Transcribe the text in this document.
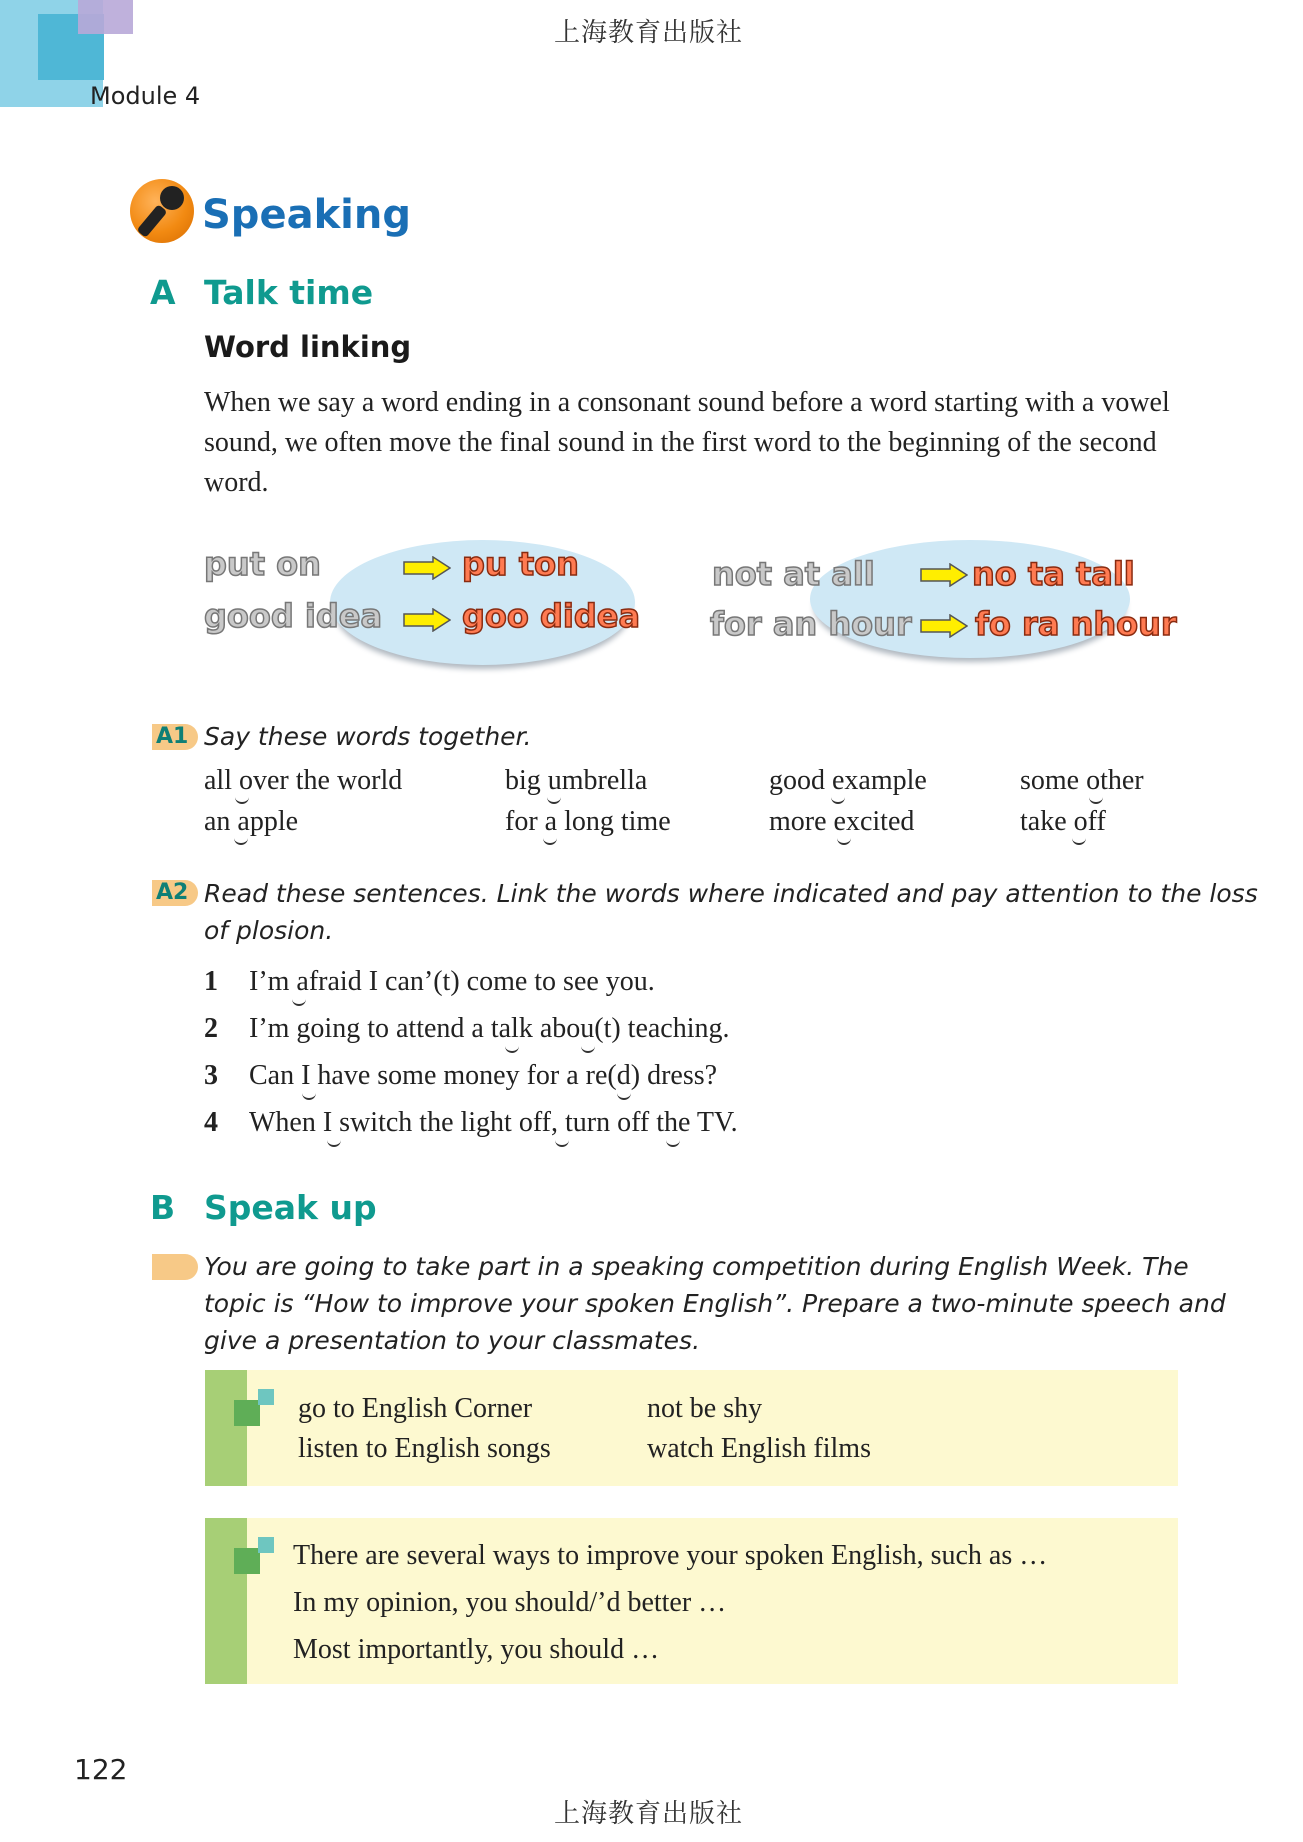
上海教育出版社
Module 4
Speaking
A Talk time
Word linking
When we say a word ending in a consonant sound before a word starting with a vowel sound, we often move the final sound in the first word to the beginning of the second word.
put on	pu ton
good idea goo didea
not at all	no ta tall
for an hour fo ra nhour
A1 Say these words together.
all over the world
an apple
big umbrella
for a long time
good example
more excited
some other
take off
A2 Read these sentences. Link the words where indicated and pay attention to the loss
of plosion.
1 I’m afraid I can’(t) come to see you.
2 I’m going to attend a talk abou(t) teaching.
3 Can I have some money for a re(d) dress?
4 When I switch the light off, turn off the TV.
B Speak up
You are going to take part in a speaking competition during English Week. The
topic is “How to improve your spoken English”. Prepare a two-minute speech and
give a presentation to your classmates.
go to English Corner
listen to English songs
not be shy
watch English films
There are several ways to improve your spoken English, such as …
In my opinion, you should/’d better …
Most importantly, you should …
122
上海教育出版社
